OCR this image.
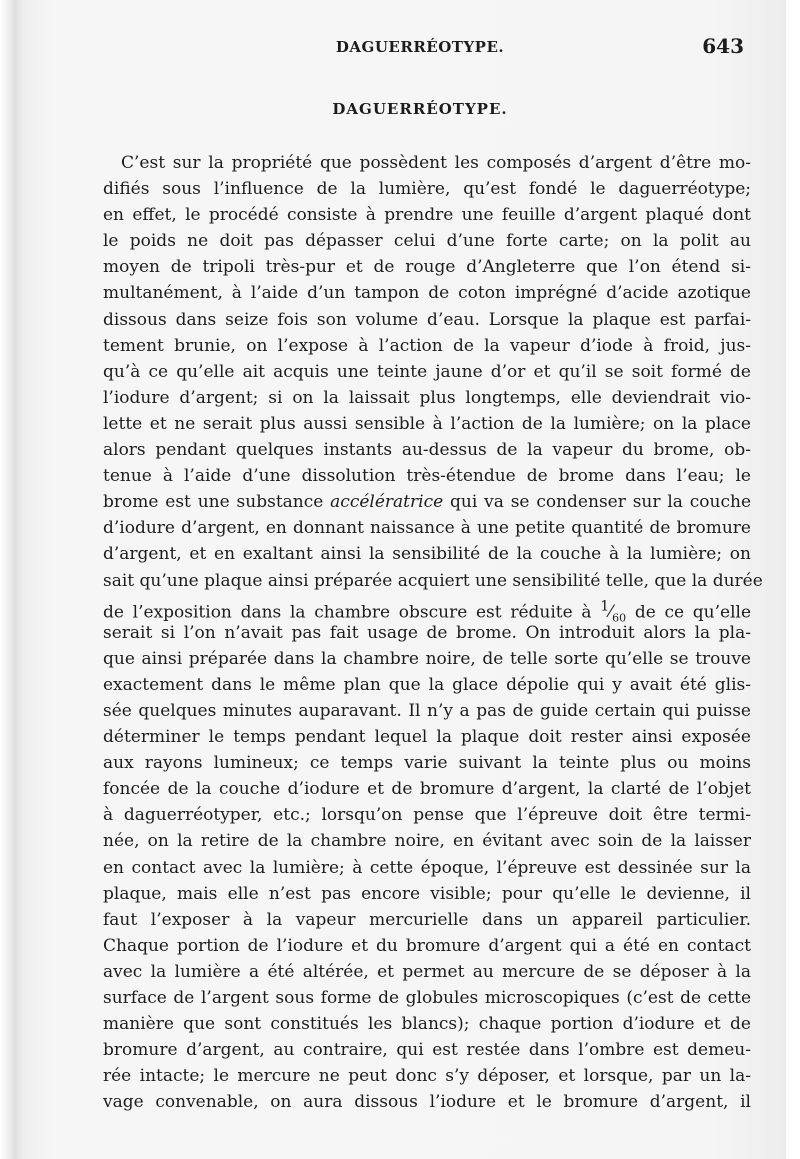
DAGUERRÉOTYPE.	643
DAGUERRÉOTYPE.
C’est sur la propriété que possèdent les composés d’argent d’être mo-
difiés sous l’influence de la lumière, qu’est fondé le daguerréotype;
en effet, le procédé consiste à prendre une feuille d’argent plaqué dont
le poids ne doit pas dépasser celui d’une forte carte; on la polit au
moyen de tripoli très-pur et de rouge d’Angleterre que l’on étend si-
multanément, à l’aide d’un tampon de coton imprégné d’acide azotique
dissous dans seize fois son volume d’eau. Lorsque la plaque est parfai-
tement brunie, on l’expose à l’action de la vapeur d’iode à froid, jus-
qu’à ce qu’elle ait acquis une teinte jaune d’or et qu’il se soit formé de
l’iodure d’argent; si on la laissait plus longtemps, elle deviendrait vio-
lette et ne serait plus aussi sensible à l’action de la lumière; on la place
alors pendant quelques instants au-dessus de la vapeur du brome, ob-
tenue à l’aide d’une dissolution très-étendue de brome dans l’eau; le
brome est une substance accélératrice qui va se condenser sur la couche
d’iodure d’argent, en donnant naissance à une petite quantité de bromure
d’argent, et en exaltant ainsi la sensibilité de la couche à la lumière; on
sait qu’une plaque ainsi préparée acquiert une sensibilité telle, que la durée
de l’exposition dans la chambre obscure est réduite à $^1⁄_{60}$ de ce qu’elle
serait si l’on n’avait pas fait usage de brome. On introduit alors la pla-
que ainsi préparée dans la chambre noire, de telle sorte qu’elle se trouve
exactement dans le même plan que la glace dépolie qui y avait été glis-
sée quelques minutes auparavant. Il n’y a pas de guide certain qui puisse
déterminer le temps pendant lequel la plaque doit rester ainsi exposée
aux rayons lumineux; ce temps varie suivant la teinte plus ou moins
foncée de la couche d’iodure et de bromure d’argent, la clarté de l’objet
à daguerréotyper, etc.; lorsqu’on pense que l’épreuve doit être termi-
née, on la retire de la chambre noire, en évitant avec soin de la laisser
en contact avec la lumière; à cette époque, l’épreuve est dessinée sur la
plaque, mais elle n’est pas encore visible; pour qu’elle le devienne, il
faut l’exposer à la vapeur mercurielle dans un appareil particulier.
Chaque portion de l’iodure et du bromure d’argent qui a été en contact
avec la lumière a été altérée, et permet au mercure de se déposer à la
surface de l’argent sous forme de globules microscopiques (c’est de cette
manière que sont constitués les blancs); chaque portion d’iodure et de
bromure d’argent, au contraire, qui est restée dans l’ombre est demeu-
rée intacte; le mercure ne peut donc s’y déposer, et lorsque, par un la-
vage convenable, on aura dissous l’iodure et le bromure d’argent, il
